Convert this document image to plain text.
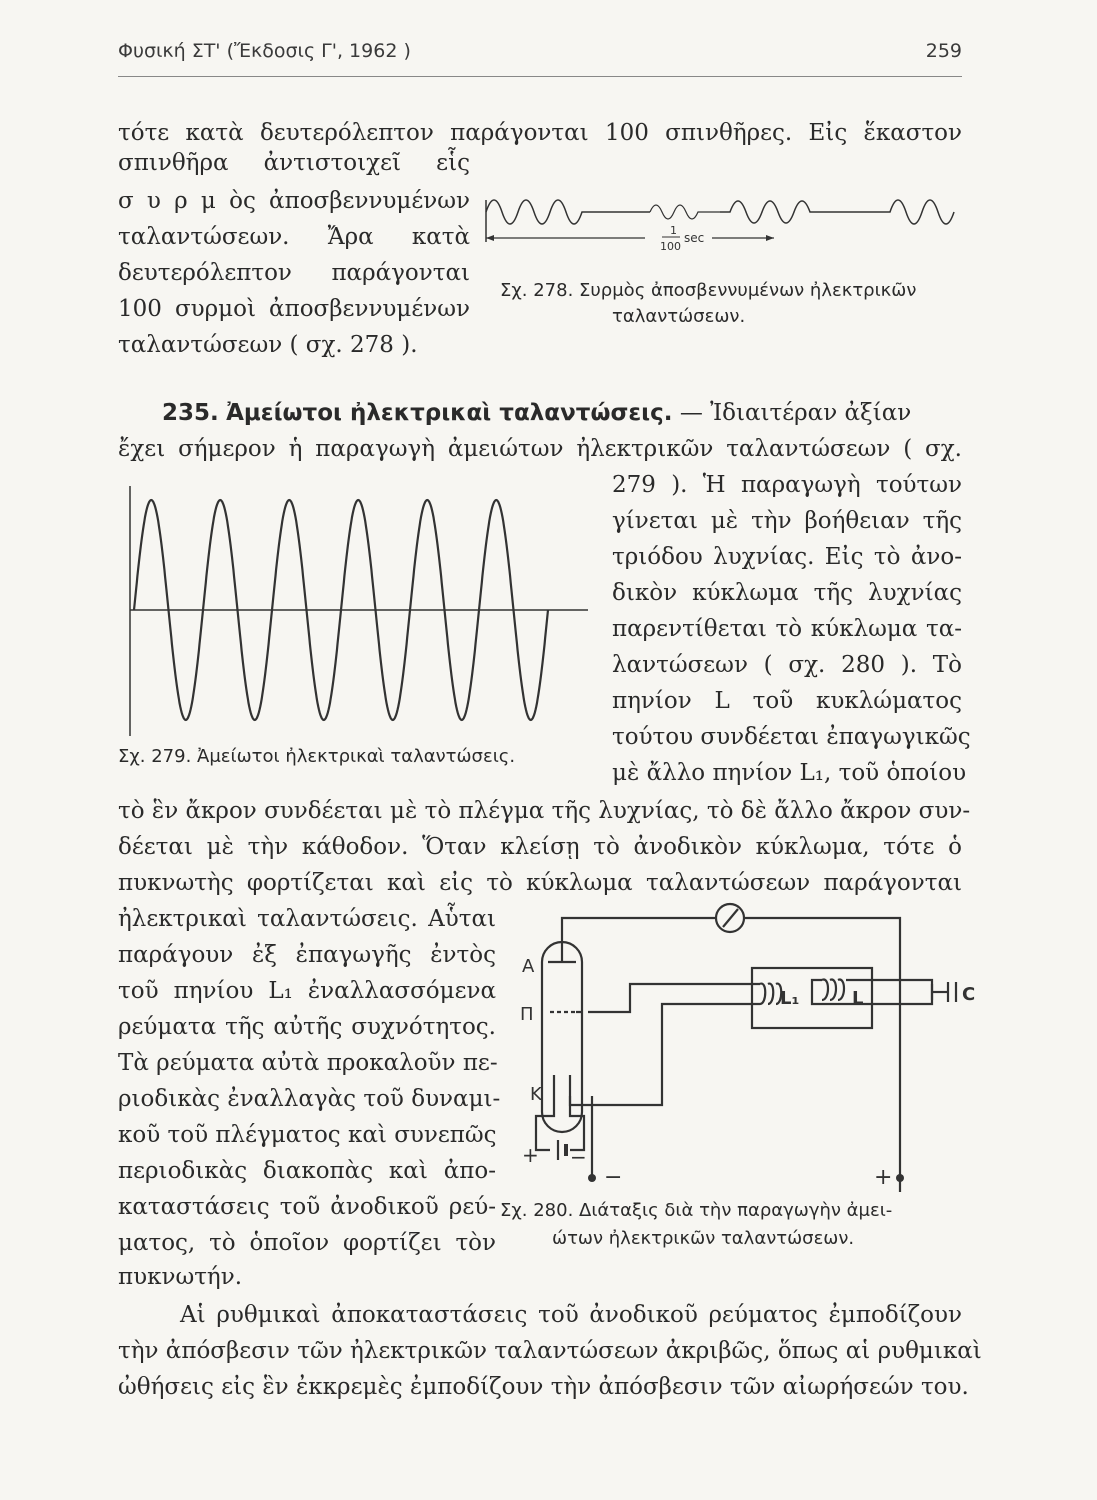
Φυσική ΣΤ' (Ἔκδοσις Γ', 1962 )	259
τότε κατὰ δευτερόλεπτον παράγονται 100 σπινθῆρες. Εἰς ἕκαστον
σπινθῆρα ἀντιστοιχεῖ εἷς
σ υ ρ μ ὸς ἀποσβεννυμένων
ταλαντώσεων. Ἄρα κατὰ
δευτερόλεπτον παράγονται
100 συρμοὶ ἀποσβεννυμένων
ταλαντώσεων ( σχ. 278 ).
1
100
sec
Σχ. 278. Συρμὸς ἀποσβεννυμένων ἠλεκτρικῶν
ταλαντώσεων.
235. Ἀμείωτοι ἠλεκτρικαὶ ταλαντώσεις. — Ἰδιαιτέραν ἀξίαν
ἔχει σήμερον ἡ παραγωγὴ ἀμειώτων ἠλεκτρικῶν ταλαντώσεων ( σχ.
Σχ. 279. Ἀμείωτοι ἠλεκτρικαὶ ταλαντώσεις.
279 ). Ἡ παραγωγὴ τούτων
γίνεται μὲ τὴν βοήθειαν τῆς
τριόδου λυχνίας. Εἰς τὸ ἀνο-
δικὸν κύκλωμα τῆς λυχνίας
παρεντίθεται τὸ κύκλωμα τα-
λαντώσεων ( σχ. 280 ). Τὸ
πηνίον L τοῦ κυκλώματος
τούτου συνδέεται ἐπαγωγικῶς
μὲ ἄλλο πηνίον L₁, τοῦ ὁποίου
τὸ ἓν ἄκρον συνδέεται μὲ τὸ πλέγμα τῆς λυχνίας, τὸ δὲ ἄλλο ἄκρον συν-
δέεται μὲ τὴν κάθοδον. Ὅταν κλείσῃ τὸ ἀνοδικὸν κύκλωμα, τότε ὁ
πυκνωτὴς φορτίζεται καὶ εἰς τὸ κύκλωμα ταλαντώσεων παράγονται
ἠλεκτρικαὶ ταλαντώσεις. Αὗται
παράγουν ἐξ ἐπαγωγῆς ἐντὸς
τοῦ πηνίου L₁ ἐναλλασσόμενα
ρεύματα τῆς αὐτῆς συχνότητος.
Τὰ ρεύματα αὐτὰ προκαλοῦν πε-
ριοδικὰς ἐναλλαγὰς τοῦ δυναμι-
κοῦ τοῦ πλέγματος καὶ συνεπῶς
περιοδικὰς διακοπὰς καὶ ἀπο-
καταστάσεις τοῦ ἀνοδικοῦ ρεύ-
ματος, τὸ ὁποῖον φορτίζει τὸν
πυκνωτήν.
A
Π
K
L₁	L	C
+ −
−	+
Σχ. 280. Διάταξις διὰ τὴν παραγωγὴν ἀμει-
ώτων ἠλεκτρικῶν ταλαντώσεων.
Αἱ ρυθμικαὶ ἀποκαταστάσεις τοῦ ἀνοδικοῦ ρεύματος ἐμποδίζουν
τὴν ἀπόσβεσιν τῶν ἠλεκτρικῶν ταλαντώσεων ἀκριβῶς, ὅπως αἱ ρυθμικαὶ
ὠθήσεις εἰς ἓν ἐκκρεμὲς ἐμποδίζουν τὴν ἀπόσβεσιν τῶν αἰωρήσεών του.
